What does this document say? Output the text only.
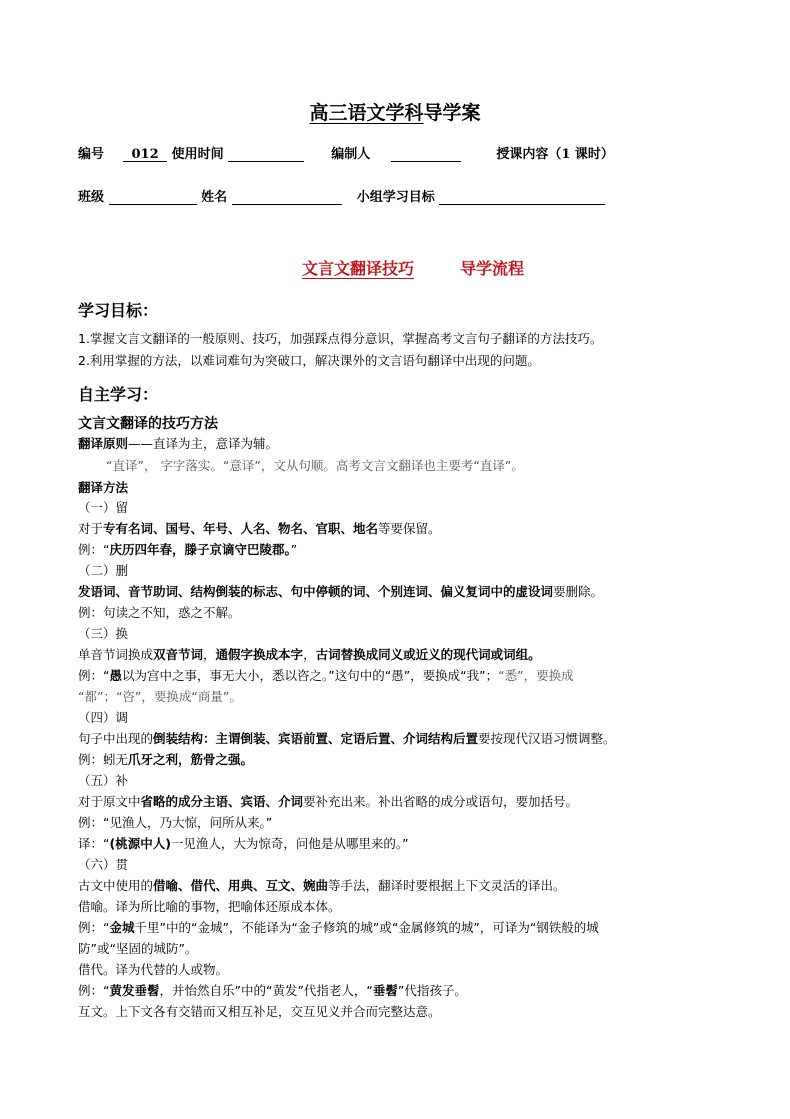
高三语文学科导学案
编号 012 使用时间	编制人	授课内容（1 课时）
班级	姓名	小组学习目标
文言文翻译技巧	导学流程
学习目标：
1.掌握文言文翻译的一般原则、技巧，加强踩点得分意识，掌握高考文言句子翻译的方法技巧。
2.利用掌握的方法，以难词难句为突破口，解决课外的文言语句翻译中出现的问题。
自主学习：
文言文翻译的技巧方法
翻译原则——直译为主，意译为辅。
“直译”， 字字落实。“意译”，文从句顺。高考文言文翻译也主要考“直译”。
翻译方法
（一）留
对于专有名词、国号、年号、人名、物名、官职、地名等要保留。
例：“庆历四年春，滕子京谪守巴陵郡。”
（二）删
发语词、音节助词、结构倒装的标志、句中停顿的词、个别连词、偏义复词中的虚设词要删除。
例：句读之不知，惑之不解。
（三）换
单音节词换成双音节词，通假字换成本字，古词替换成同义或近义的现代词或词组。
例：“愚以为宫中之事，事无大小，悉以咨之。”这句中的“愚”，要换成“我”；“悉”，要换成
“都”；“咨”，要换成“商量”。
（四）调
句子中出现的倒装结构：主谓倒装、宾语前置、定语后置、介词结构后置要按现代汉语习惯调整。
例：蚓无爪牙之利，筋骨之强。
（五）补
对于原文中省略的成分主语、宾语、介词要补充出来。补出省略的成分或语句，要加括号。
例：“见渔人，乃大惊，问所从来。”
译：“(桃源中人)一见渔人，大为惊奇，问他是从哪里来的。”
（六）贯
古文中使用的借喻、借代、用典、互文、婉曲等手法，翻译时要根据上下文灵活的译出。
借喻。译为所比喻的事物，把喻体还原成本体。
例：“金城千里”中的“金城”，不能译为“金子修筑的城”或“金属修筑的城”，可译为“钢铁般的城
防”或“坚固的城防”。
借代。译为代替的人或物。
例：“黄发垂髫，并怡然自乐”中的“黄发”代指老人，“垂髫”代指孩子。
互文。上下文各有交错而又相互补足，交互见义并合而完整达意。
